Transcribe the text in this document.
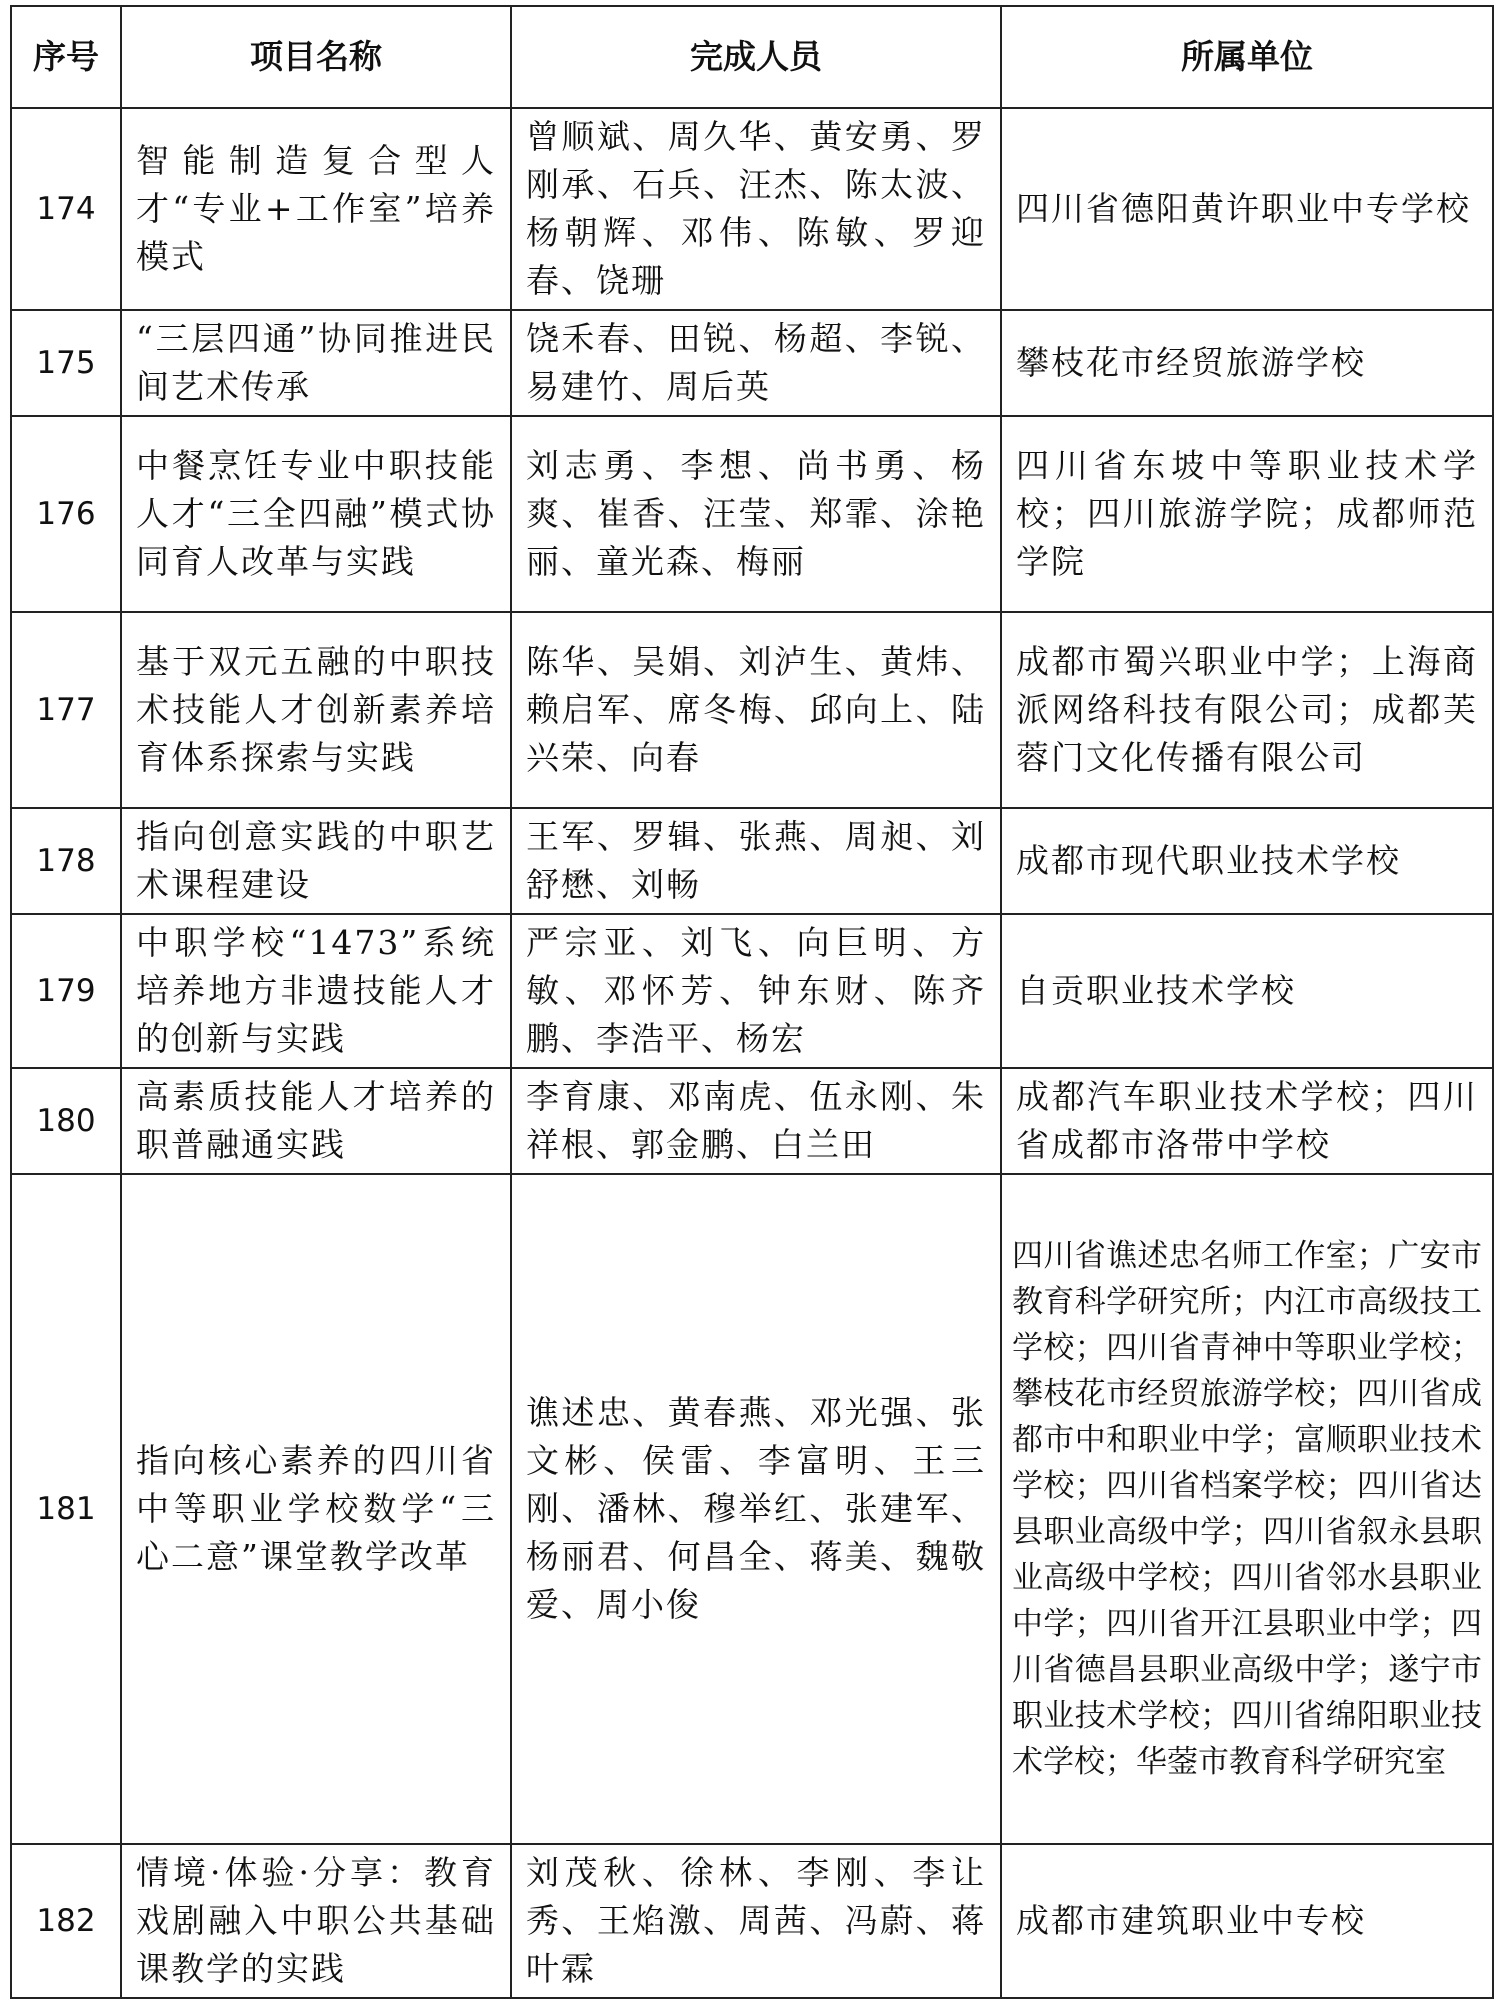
序号	项目名称	完成人员	所属单位
174	智能制造复合型人才“专业+工作室”培养模式	曾顺斌、周久华、黄安勇、罗刚承、石兵、汪杰、陈太波、杨朝辉、邓伟、陈敏、罗迎春、饶珊	四川省德阳黄许职业中专学校
175	“三层四通”协同推进民间艺术传承	饶禾春、田锐、杨超、李锐、易建竹、周后英	攀枝花市经贸旅游学校
176	中餐烹饪专业中职技能人才“三全四融”模式协同育人改革与实践	刘志勇、李想、尚书勇、杨爽、崔香、汪莹、郑霏、涂艳丽、童光森、梅丽	四川省东坡中等职业技术学校；四川旅游学院；成都师范学院
177	基于双元五融的中职技术技能人才创新素养培育体系探索与实践	陈华、吴娟、刘泸生、黄炜、赖启军、席冬梅、邱向上、陆兴荣、向春	成都市蜀兴职业中学；上海商派网络科技有限公司；成都芙蓉门文化传播有限公司
178	指向创意实践的中职艺术课程建设	王军、罗辑、张燕、周昶、刘舒懋、刘畅	成都市现代职业技术学校
179	中职学校“1473”系统培养地方非遗技能人才的创新与实践	严宗亚、刘飞、向巨明、方敏、邓怀芳、钟东财、陈齐鹏、李浩平、杨宏	自贡职业技术学校
180	高素质技能人才培养的职普融通实践	李育康、邓南虎、伍永刚、朱祥根、郭金鹏、白兰田	成都汽车职业技术学校；四川省成都市洛带中学校
181	指向核心素养的四川省中等职业学校数学“三心二意”课堂教学改革	谯述忠、黄春燕、邓光强、张文彬、侯雷、李富明、王三刚、潘林、穆举红、张建军、杨丽君、何昌全、蒋美、魏敬爱、周小俊	四川省谯述忠名师工作室；广安市教育科学研究所；内江市高级技工学校；四川省青神中等职业学校；攀枝花市经贸旅游学校；四川省成都市中和职业中学；富顺职业技术学校；四川省档案学校；四川省达县职业高级中学；四川省叙永县职业高级中学校；四川省邻水县职业中学；四川省开江县职业中学；四川省德昌县职业高级中学；遂宁市职业技术学校；四川省绵阳职业技术学校；华蓥市教育科学研究室
182	情境·体验·分享：教育戏剧融入中职公共基础课教学的实践	刘茂秋、徐林、李刚、李让秀、王焰激、周茜、冯蔚、蒋叶霖	成都市建筑职业中专校
